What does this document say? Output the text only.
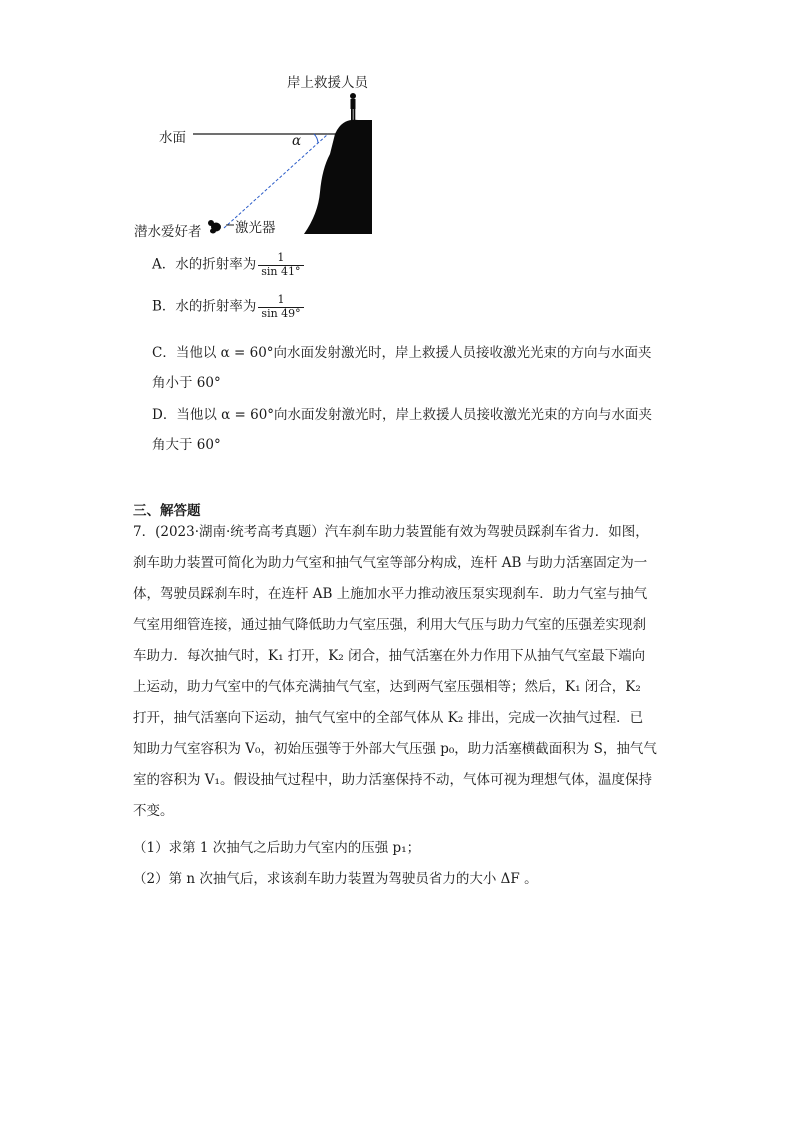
岸上救援人员
水面	α
潜水爱好者 激光器
A．水的折射率为 $\frac{1}{\sin 41^\circ}$
B．水的折射率为 $\frac{1}{\sin 49^\circ}$
C．当他以 α = 60°向水面发射激光时，岸上救援人员接收激光光束的方向与水面夹
角小于 60°
D．当他以 α = 60°向水面发射激光时，岸上救援人员接收激光光束的方向与水面夹
角大于 60°
三、解答题
7．(2023·湖南·统考高考真题）汽车刹车助力装置能有效为驾驶员踩刹车省力．如图，
刹车助力装置可简化为助力气室和抽气气室等部分构成，连杆 AB 与助力活塞固定为一
体，驾驶员踩刹车时，在连杆 AB 上施加水平力推动液压泵实现刹车．助力气室与抽气
气室用细管连接，通过抽气降低助力气室压强，利用大气压与助力气室的压强差实现刹
车助力．每次抽气时，K₁ 打开，K₂ 闭合，抽气活塞在外力作用下从抽气气室最下端向
上运动，助力气室中的气体充满抽气气室，达到两气室压强相等；然后，K₁ 闭合，K₂
打开，抽气活塞向下运动，抽气气室中的全部气体从 K₂ 排出，完成一次抽气过程．已
知助力气室容积为 V₀，初始压强等于外部大气压强 p₀，助力活塞横截面积为 S，抽气气
室的容积为 V₁。假设抽气过程中，助力活塞保持不动，气体可视为理想气体，温度保持
不变。
（1）求第 1 次抽气之后助力气室内的压强 p₁；
（2）第 n 次抽气后，求该刹车助力装置为驾驶员省力的大小 ΔF 。
